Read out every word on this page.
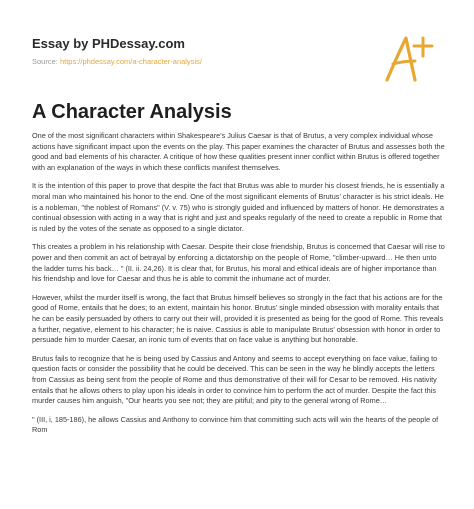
Essay by PHDessay.com
Source: https://phdessay.com/a-character-analysis/
A Character Analysis

One of the most significant characters within Shakespeare's Julius Caesar is that of Brutus, a very complex individual whose actions have significant impact upon the events on the play. This paper examines the character of Brutus and assesses both the good and bad elements of his character. A critique of how these qualities present inner conflict within Brutus is offered together with an explanation of the ways in which these conflicts manifest themselves.

It is the intention of this paper to prove that despite the fact that Brutus was able to murder his closest friends, he is essentially a moral man who maintained his honor to the end. One of the most significant elements of Brutus' character is his strict ideals. He is a nobleman, "the noblest of Romans" (V. v. 75) who is strongly guided and influenced by matters of honor. He demonstrates a continual obsession with acting in a way that is right and just and speaks regularly of the need to create a republic in Rome that is ruled by the votes of the senate as opposed to a single dictator.

This creates a problem in his relationship with Caesar. Despite their close friendship, Brutus is concerned that Caesar will rise to power and then commit an act of betrayal by enforcing a dictatorship on the people of Rome, "climber-upward… He then unto the ladder turns his back… " (II. ii. 24,26). It is clear that, for Brutus, his moral and ethical ideals are of higher importance than his friendship and love for Caesar and thus he is able to commit the inhumane act of murder.

However, whilst the murder itself is wrong, the fact that Brutus himself believes so strongly in the fact that his actions are for the good of Rome, entails that he does; to an extent, maintain his honor. Brutus' single minded obsession with morality entails that he can be easily persuaded by others to carry out their will, provided it is presented as being for the good of Rome. This reveals a further, negative, element to his character; he is naive. Cassius is able to manipulate Brutus' obsession with honor in order to persuade him to murder Caesar, an ironic turn of events that on face value is anything but honorable.

Brutus fails to recognize that he is being used by Cassius and Antony and seems to accept everything on face value, failing to question facts or consider the possibility that he could be deceived. This can be seen in the way he blindly accepts the letters from Cassius as being sent from the people of Rome and thus demonstrative of their will for Cesar to be removed. His nativity entails that he allows others to play upon his ideals in order to convince him to perform the act of murder. Despite the fact this murder causes him anguish, "Our hearts you see not; they are pitiful; and pity to the general wrong of Rome…

" (III, i, 185-186), he allows Cassius and Anthony to convince him that committing such acts will win the hearts of the people of Rom
